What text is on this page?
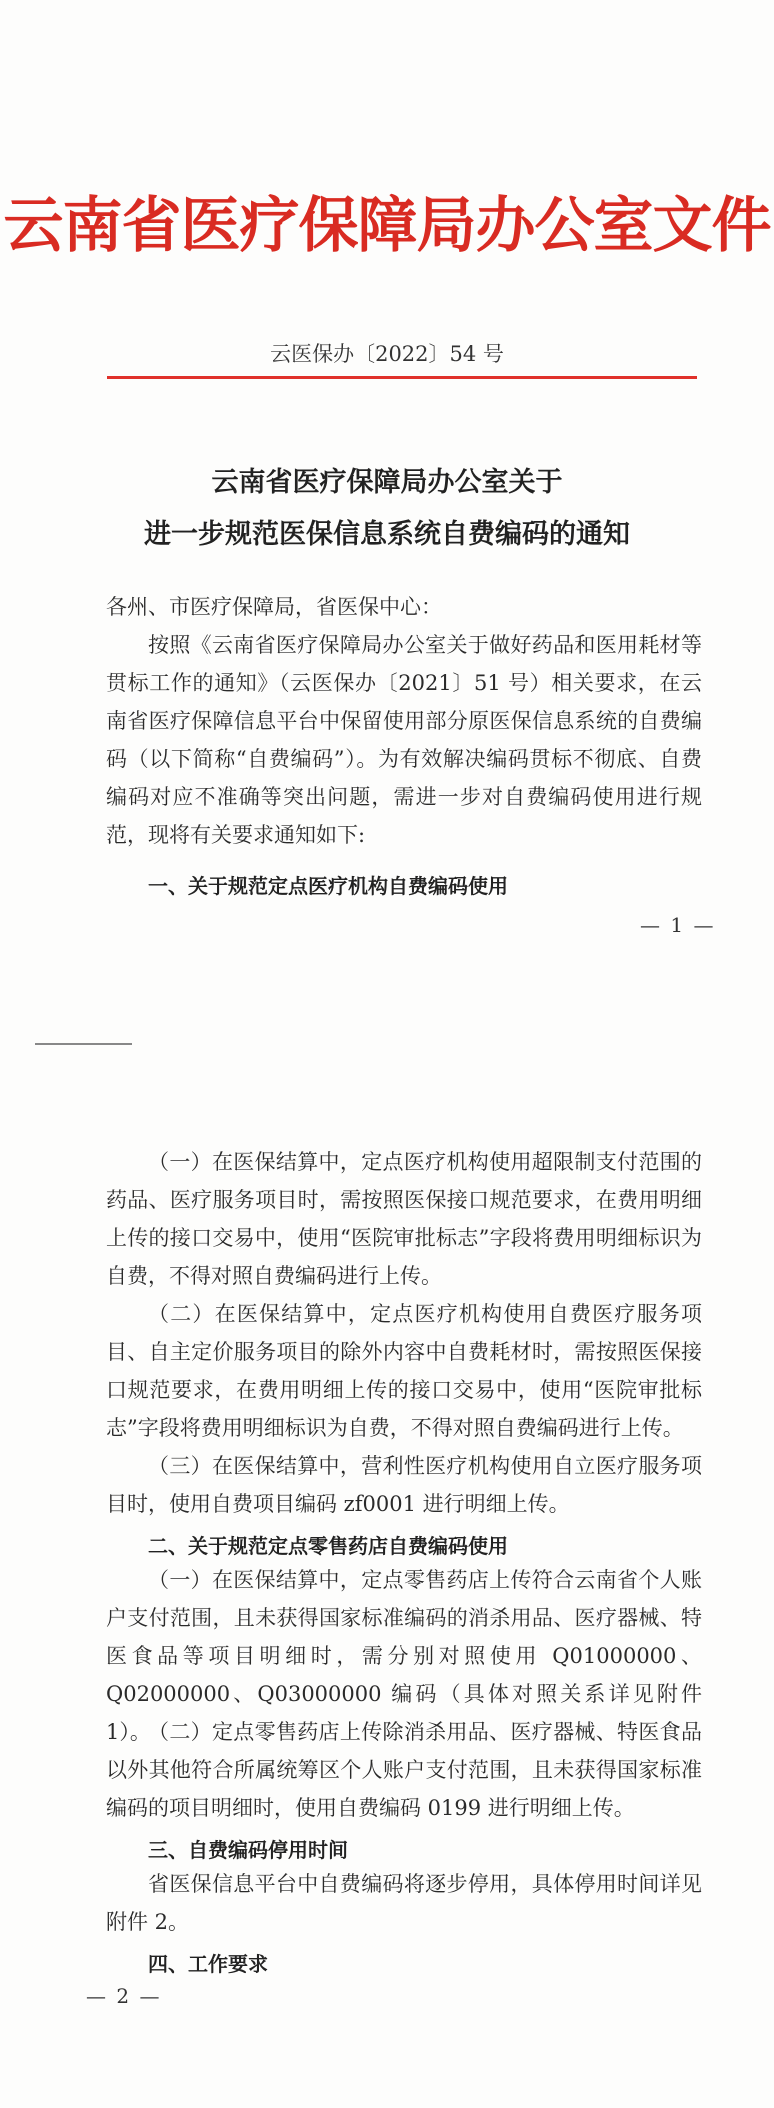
云南省医疗保障局办公室文件
云医保办〔2022〕54 号
云南省医疗保障局办公室关于
进一步规范医保信息系统自费编码的通知
各州、市医疗保障局，省医保中心：
按照《云南省医疗保障局办公室关于做好药品和医用耗材等贯标工作的通知》（云医保办〔2021〕51 号）相关要求，在云南省医疗保障信息平台中保留使用部分原医保信息系统的自费编码（以下简称“自费编码”）。为有效解决编码贯标不彻底、自费编码对应不准确等突出问题，需进一步对自费编码使用进行规范，现将有关要求通知如下:
一、关于规范定点医疗机构自费编码使用
— 1 —
（一）在医保结算中，定点医疗机构使用超限制支付范围的药品、医疗服务项目时，需按照医保接口规范要求，在费用明细上传的接口交易中，使用“医院审批标志”字段将费用明细标识为自费，不得对照自费编码进行上传。
（二）在医保结算中，定点医疗机构使用自费医疗服务项目、自主定价服务项目的除外内容中自费耗材时，需按照医保接口规范要求，在费用明细上传的接口交易中，使用“医院审批标志”字段将费用明细标识为自费，不得对照自费编码进行上传。
（三）在医保结算中，营利性医疗机构使用自立医疗服务项目时，使用自费项目编码 zf0001 进行明细上传。
二、关于规范定点零售药店自费编码使用
（一）在医保结算中，定点零售药店上传符合云南省个人账户支付范围，且未获得国家标准编码的消杀用品、医疗器械、特医食品等项目明细时，需分别对照使用 Q01000000、Q02000000、Q03000000 编码（具体对照关系详见附件 1）。
（二）定点零售药店上传除消杀用品、医疗器械、特医食品以外其他符合所属统筹区个人账户支付范围，且未获得国家标准编码的项目明细时，使用自费编码 0199 进行明细上传。
三、自费编码停用时间
省医保信息平台中自费编码将逐步停用，具体停用时间详见附件 2。
四、工作要求
— 2 —
